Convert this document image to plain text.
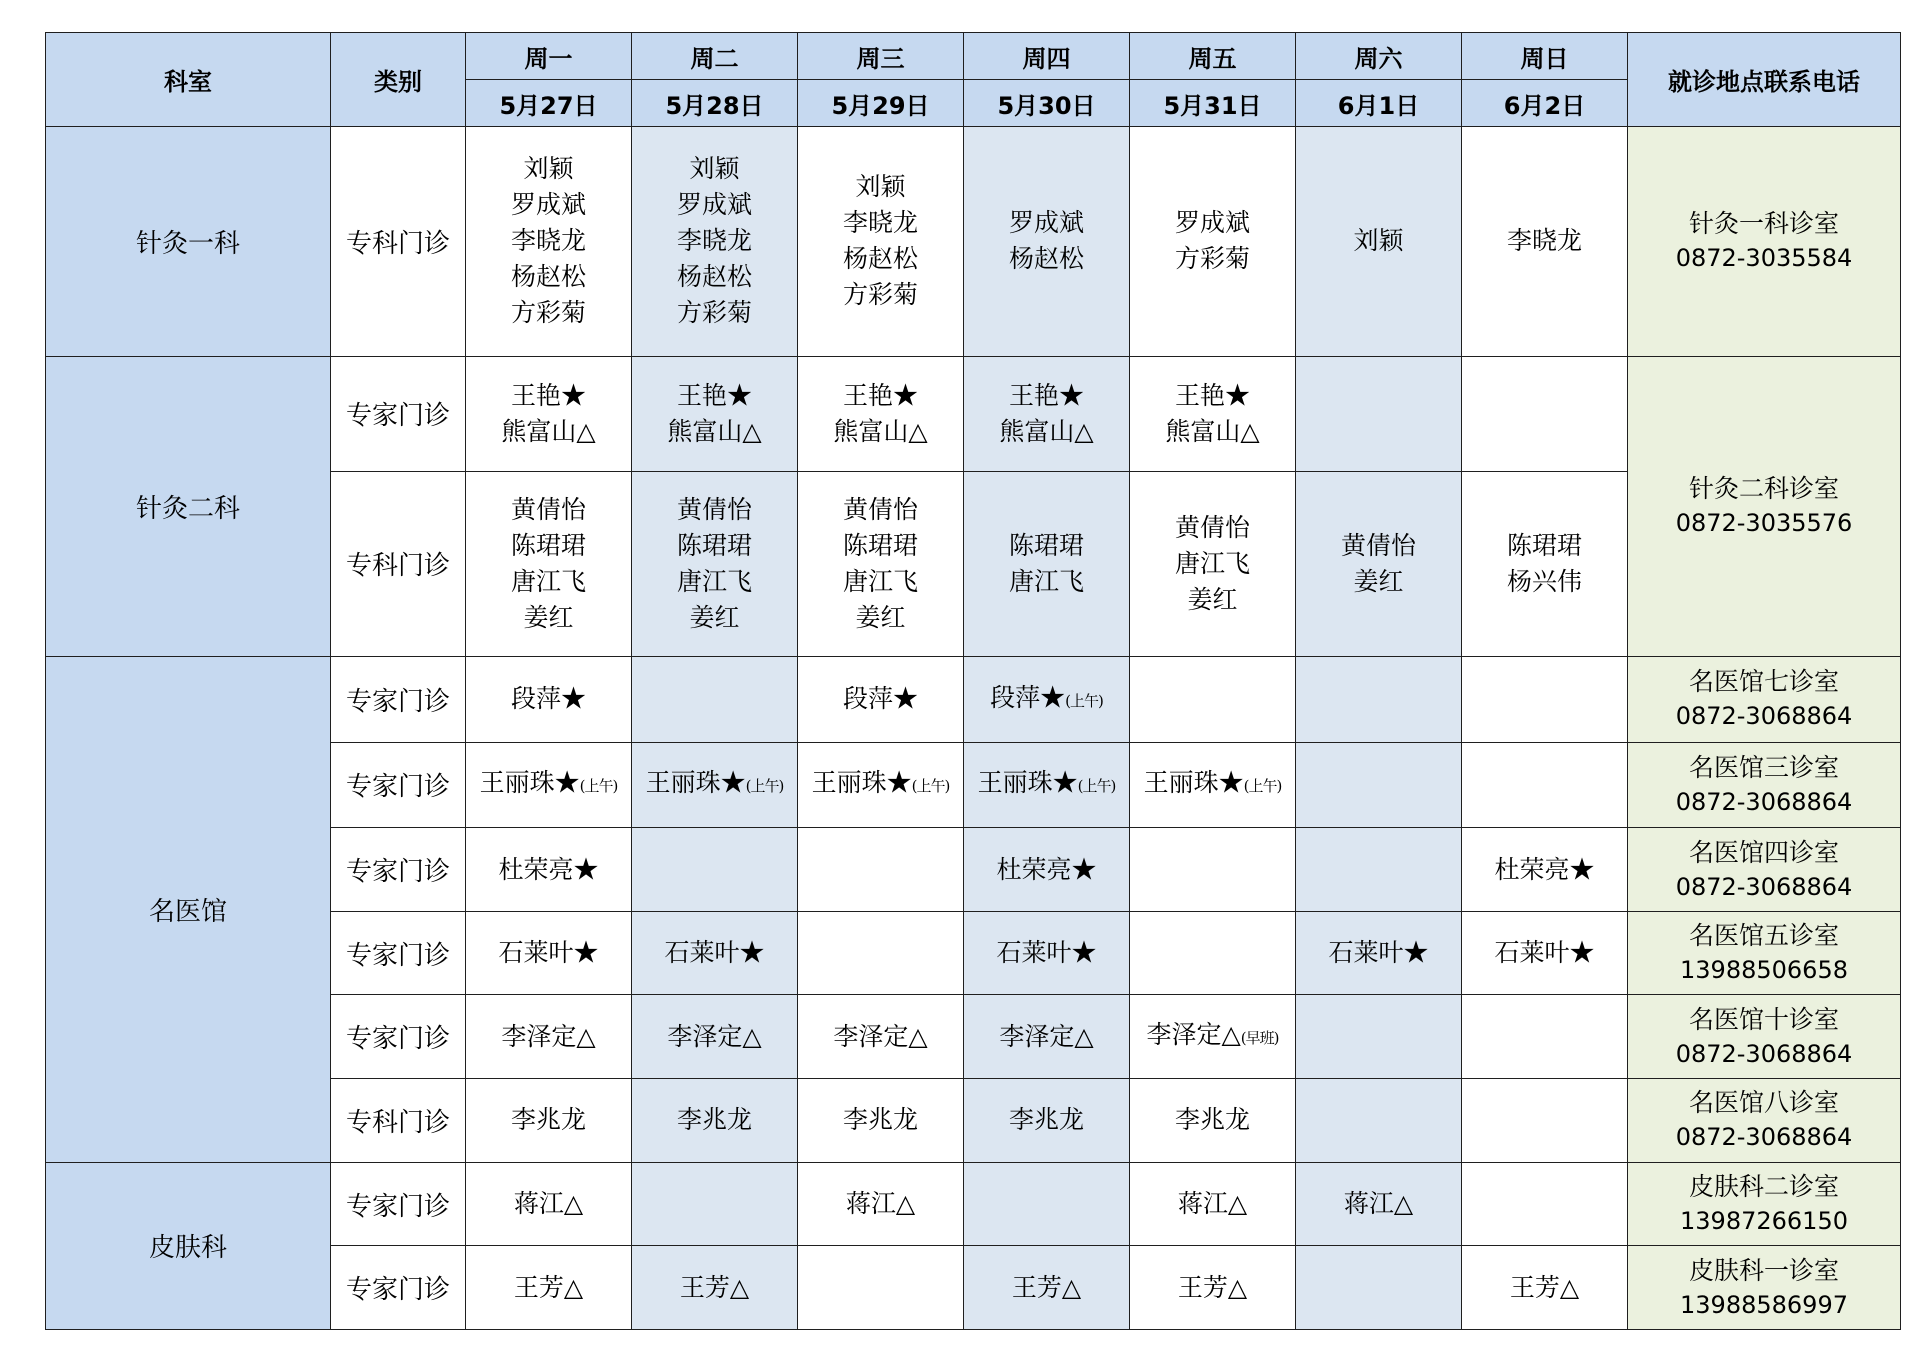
科室	类别	周一	周二	周三	周四	周五	周六	周日	就诊地点联系电话
		5月27日	5月28日	5月29日	5月30日	5月31日	6月1日	6月2日	
针灸一科	专科门诊	刘颖
罗成斌
李晓龙
杨赵松
方彩菊	刘颖
罗成斌
李晓龙
杨赵松
方彩菊	刘颖
李晓龙
杨赵松
方彩菊	罗成斌
杨赵松	罗成斌
方彩菊	刘颖	李晓龙	针灸一科诊室
0872-3035584

针灸二科	专家门诊	王艳★
熊富山△	王艳★
熊富山△	王艳★
熊富山△	王艳★
熊富山△	王艳★
熊富山△			针灸二科诊室
0872-3035576

	专科门诊	黄倩怡
陈珺珺
唐江飞
姜红	黄倩怡
陈珺珺
唐江飞
姜红	黄倩怡
陈珺珺
唐江飞
姜红	陈珺珺
唐江飞	黄倩怡
唐江飞
姜红	黄倩怡
姜红	陈珺珺
杨兴伟	

名医馆	专家门诊	段萍★		段萍★	段萍★(上午)				名医馆七诊室
0872-3068864

	专家门诊	王丽珠★(上午)	王丽珠★(上午)	王丽珠★(上午)	王丽珠★(上午)	王丽珠★(上午)			名医馆三诊室
0872-3068864

	专家门诊	杜荣亮★			杜荣亮★			杜荣亮★	名医馆四诊室
0872-3068864

	专家门诊	石莱叶★	石莱叶★		石莱叶★		石莱叶★	石莱叶★	名医馆五诊室
13988506658

	专家门诊	李泽定△	李泽定△	李泽定△	李泽定△	李泽定△(早班)			名医馆十诊室
0872-3068864

	专科门诊	李兆龙	李兆龙	李兆龙	李兆龙	李兆龙			名医馆八诊室
0872-3068864

皮肤科	专家门诊	蒋江△		蒋江△		蒋江△	蒋江△		皮肤科二诊室
13987266150

	专家门诊	王芳△	王芳△		王芳△	王芳△		王芳△	皮肤科一诊室
13988586997
